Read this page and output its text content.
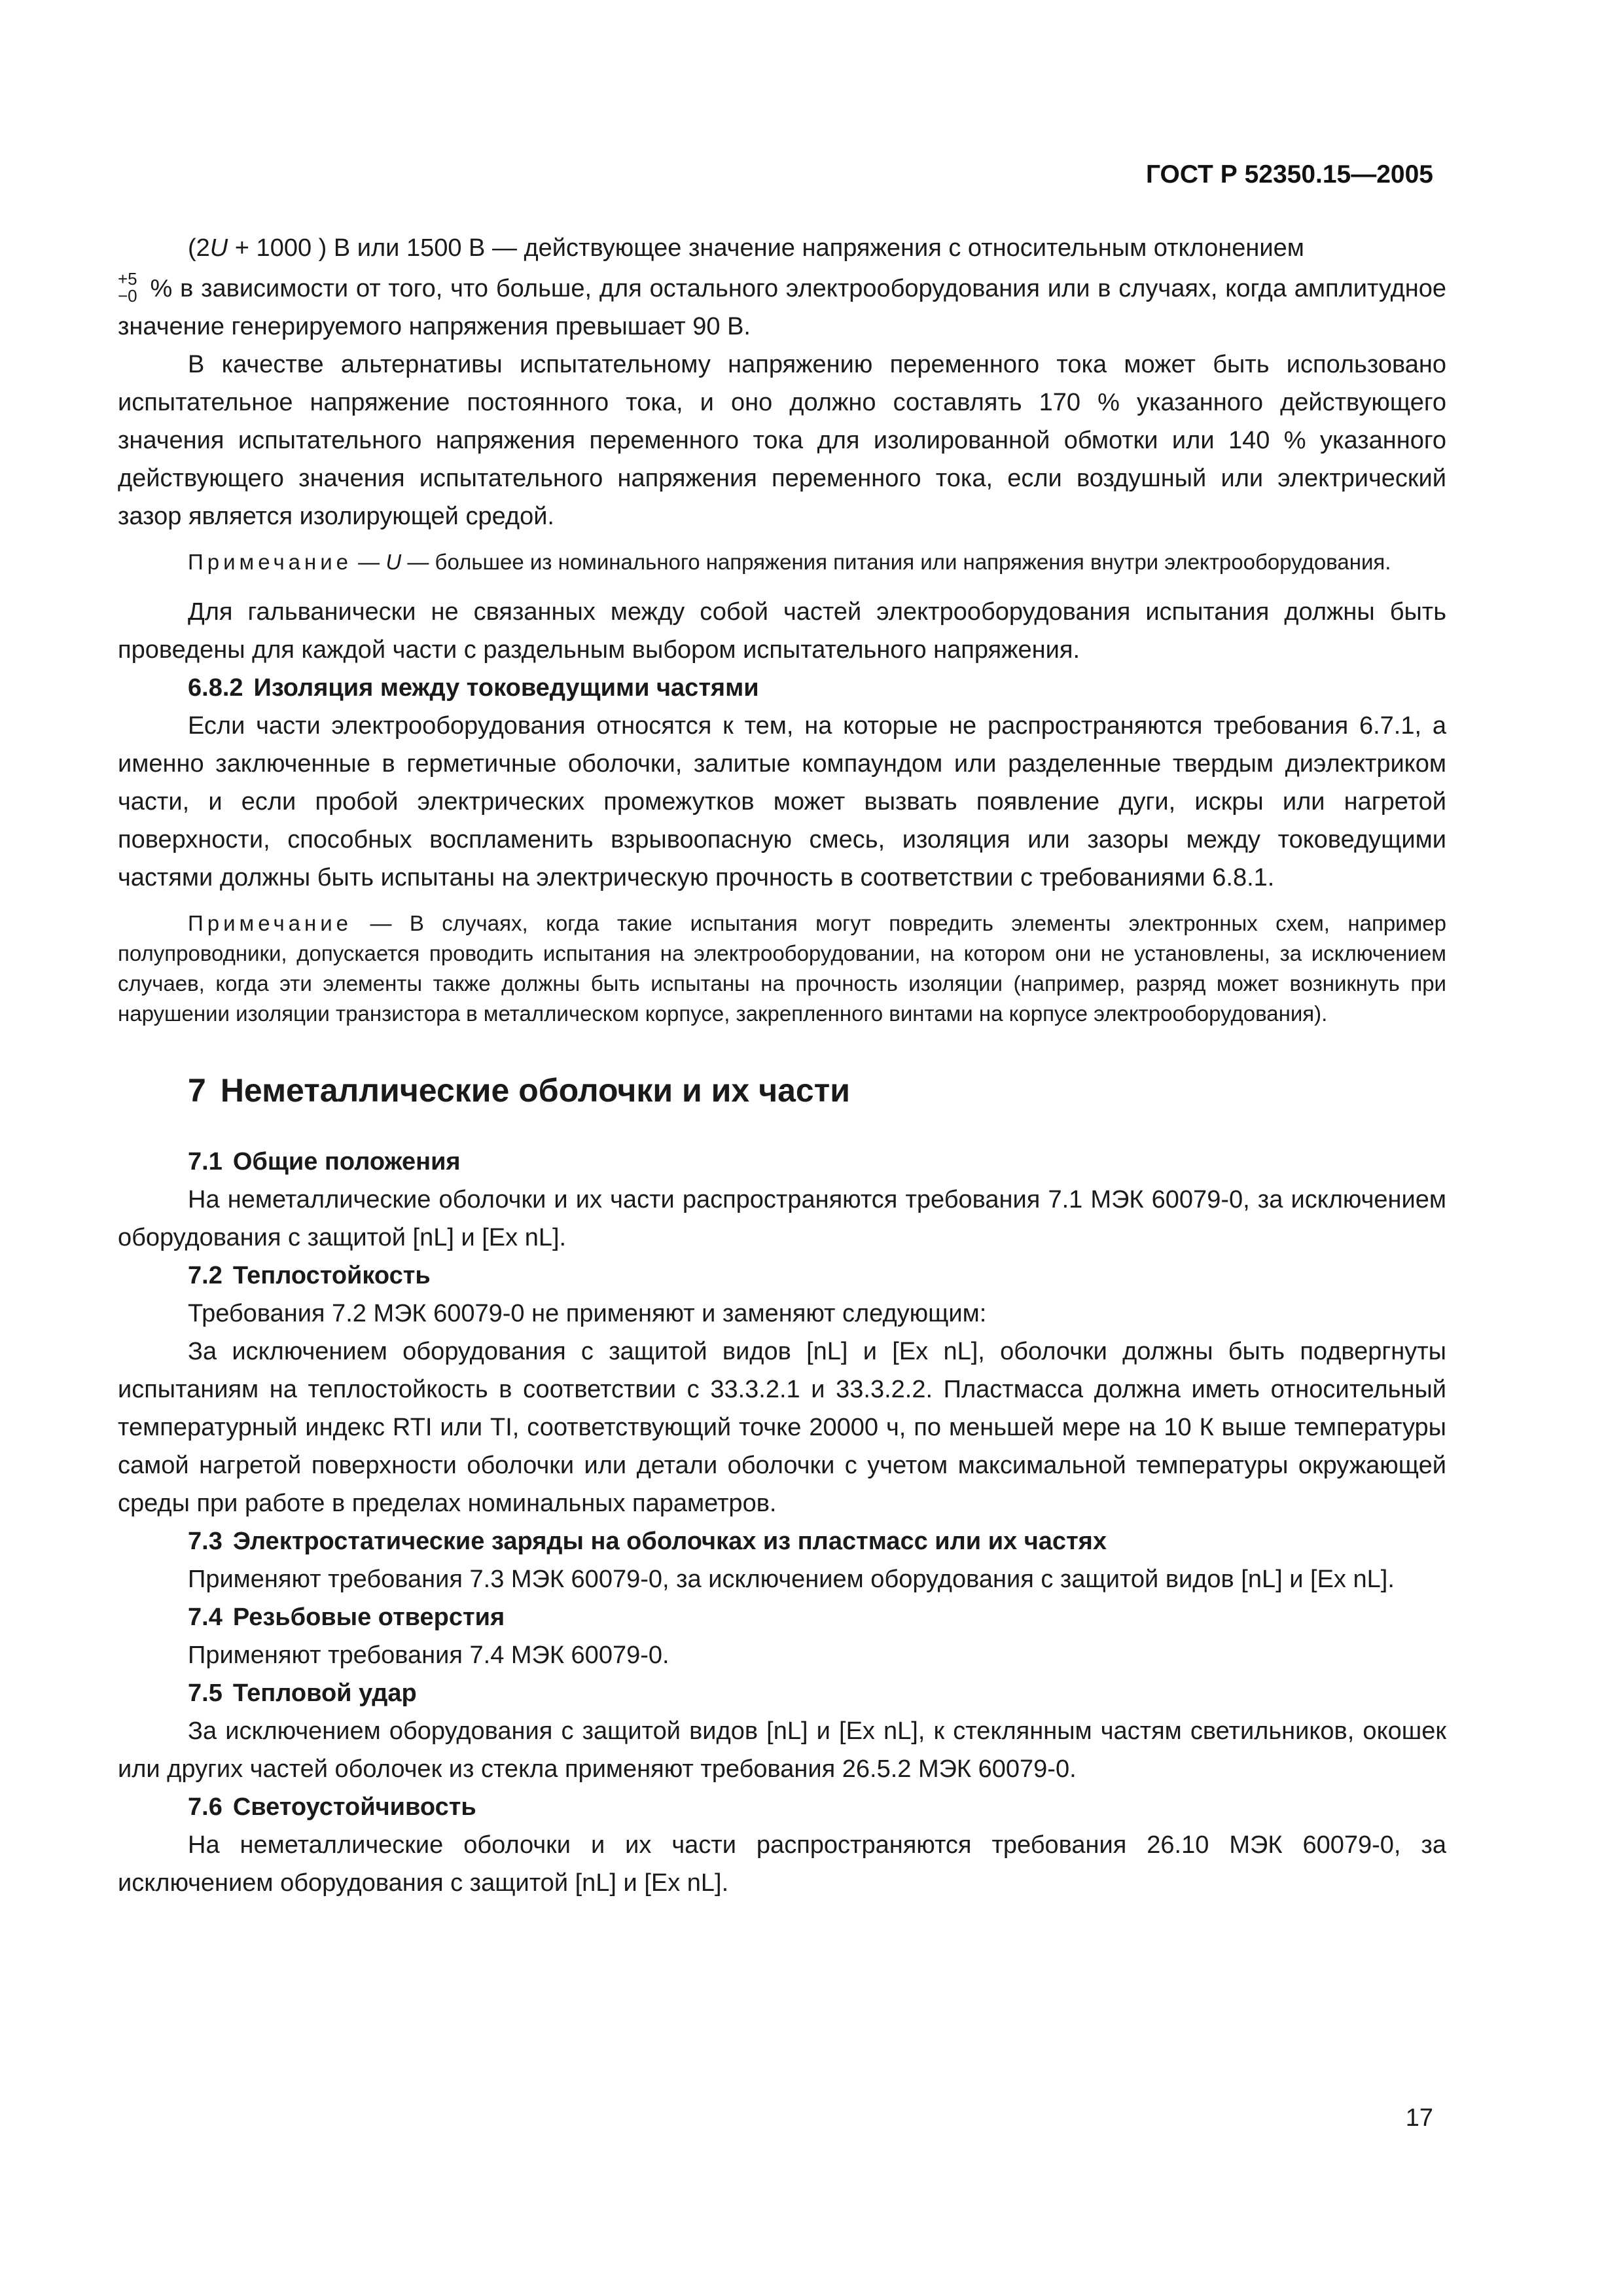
ГОСТ Р 52350.15—2005

(2U + 1000 ) В или 1500 В — действующее значение напряжения с относительным отклонением

+5
−0 % в зависимости от того, что больше, для остального электрооборудования или в случаях, когда амплитудное значение генерируемого напряжения превышает 90 В.

В качестве альтернативы испытательному напряжению переменного тока может быть использовано испытательное напряжение постоянного тока, и оно должно составлять 170 % указанного действующего значения испытательного напряжения переменного тока для изолированной обмотки или 140 % указанного действующего значения испытательного напряжения переменного тока, если воздушный или электрический зазор является изолирующей средой.

Примечание — U — большее из номинального напряжения питания или напряжения внутри электрооборудования.

Для гальванически не связанных между собой частей электрооборудования испытания должны быть проведены для каждой части с раздельным выбором испытательного напряжения.

6.8.2 Изоляция между токоведущими частями

Если части электрооборудования относятся к тем, на которые не распространяются требования 6.7.1, а именно заключенные в герметичные оболочки, залитые компаундом или разделенные твердым диэлектриком части, и если пробой электрических промежутков может вызвать появление дуги, искры или нагретой поверхности, способных воспламенить взрывоопасную смесь, изоляция или зазоры между токоведущими частями должны быть испытаны на электрическую прочность в соответствии с требованиями 6.8.1.

Примечание — В случаях, когда такие испытания могут повредить элементы электронных схем, например полупроводники, допускается проводить испытания на электрооборудовании, на котором они не установлены, за исключением случаев, когда эти элементы также должны быть испытаны на прочность изоляции (например, разряд может возникнуть при нарушении изоляции транзистора в металлическом корпусе, закрепленного винтами на корпусе электрооборудования).

7 Неметаллические оболочки и их части
7.1 Общие положения

На неметаллические оболочки и их части распространяются требования 7.1 МЭК 60079-0, за исключением оборудования с защитой [nL] и [Ex nL].

7.2 Теплостойкость

Требования 7.2 МЭК 60079-0 не применяют и заменяют следующим:

За исключением оборудования с защитой видов [nL] и [Ex nL], оболочки должны быть подвергнуты испытаниям на теплостойкость в соответствии с 33.3.2.1 и 33.3.2.2. Пластмасса должна иметь относительный температурный индекс RTI или TI, соответствующий точке 20000 ч, по меньшей мере на 10 К выше температуры самой нагретой поверхности оболочки или детали оболочки с учетом максимальной температуры окружающей среды при работе в пределах номинальных параметров.

7.3 Электростатические заряды на оболочках из пластмасс или их частях

Применяют требования 7.3 МЭК 60079-0, за исключением оборудования с защитой видов [nL] и [Ex nL].

7.4 Резьбовые отверстия

Применяют требования 7.4 МЭК 60079-0.

7.5 Тепловой удар

За исключением оборудования с защитой видов [nL] и [Ex nL], к стеклянным частям светильников, окошек или других частей оболочек из стекла применяют требования 26.5.2 МЭК 60079-0.

7.6 Светоустойчивость

На неметаллические оболочки и их части распространяются требования 26.10 МЭК 60079-0, за исключением оборудования с защитой [nL] и [Ex nL].

17
